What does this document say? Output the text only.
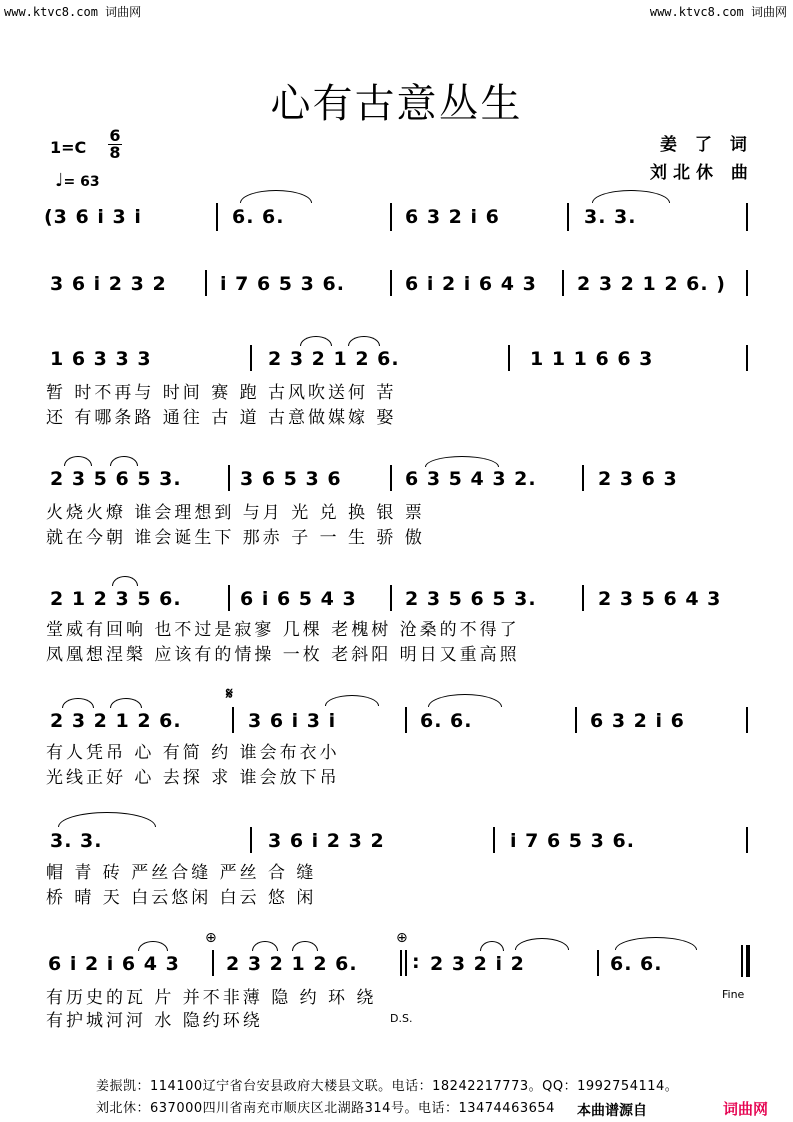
www.ktvc8.com 词曲网	www.ktvc8.com 词曲网
心有古意丛生
1=C
6
8
♩= 63
姜 了 词
刘北休 曲
(3 6 i 3 i	6. 6.	6 3 2 i 6	3. 3.
3 6 i 2 3 2	i 7 6 5 3 6.	6 i 2 i 6 4 3 2 3 2 1 2 6. )
1 6 3 3 3	2 3 2 1 2 6.	1 1 1 6 6 3
暂 时不再与 时间 赛 跑 古风吹送何 苦
还 有哪条路 通往 古 道 古意做媒嫁 娶
2 3 5 6 5 3.	3 6 5 3 6	6 3 5 4 3 2.	2 3 6 3
火烧火燎 谁会理想到 与月 光 兑 换 银 票
就在今朝 谁会诞生下 那赤 子 一 生 骄 傲
2 1 2 3 5 6.	6 i 6 5 4 3	2 3 5 6 5 3.	2 3 5 6 4 3
堂威有回响 也不过是寂寥 几棵 老槐树 沧桑的不得了
凤凰想涅槃 应该有的情操 一枚 老斜阳 明日又重高照
𝄋
2 3 2 1 2 6.	3 6 i 3 i	6. 6.	6 3 2 i 6
有人凭吊 心 有简 约 谁会布衣小
光线正好 心 去探 求 谁会放下吊
3. 3.	3 6 i 2 3 2	i 7 6 5 3 6.
帽 青 砖 严丝合缝 严丝 合 缝
桥 晴 天 白云悠闲 白云 悠 闲
⊕	⊕
6 i 2 i 6 4 3 2 3 2 1 2 6.	: 2 3 2 i 2	6. 6.
有历史的瓦 片 并不非薄 隐 约 环 绕	Fine
有护城河河 水 隐约环绕	D.S.
姜振凯：114100辽宁省台安县政府大楼县文联。电话：18242217773。QQ：1992754114。
刘北休：637000四川省南充市顺庆区北湖路314号。电话：13474463654 本曲谱源自	词曲网
